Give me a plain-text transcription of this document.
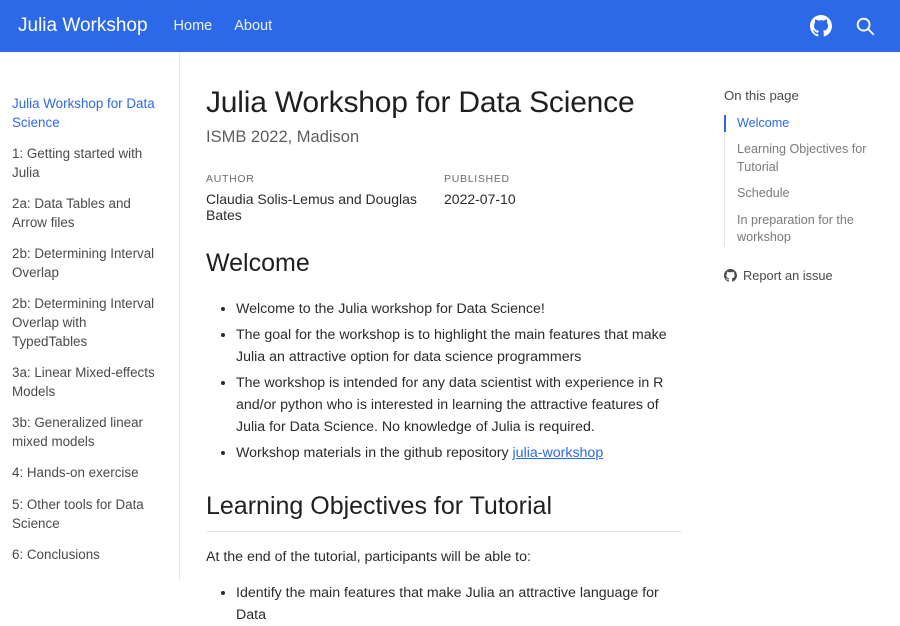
Julia Workshop Home About
Julia Workshop for Data Science
1: Getting started with Julia
2a: Data Tables and Arrow files
2b: Determining Interval Overlap
2b: Determining Interval Overlap with TypedTables
3a: Linear Mixed-effects Models
3b: Generalized linear mixed models
4: Hands-on exercise
5: Other tools for Data Science
6: Conclusions
Julia Workshop for Data Science
ISMB 2022, Madison
AUTHOR
Claudia Solis-Lemus and Douglas Bates
PUBLISHED
2022-07-10
Welcome
• Welcome to the Julia workshop for Data Science!
• The goal for the workshop is to highlight the main features that make Julia an attractive option for data science programmers
• The workshop is intended for any data scientist with experience in R and/or python who is interested in learning the attractive features of Julia for Data Science. No knowledge of Julia is required.
• Workshop materials in the github repository julia-workshop
Learning Objectives for Tutorial

At the end of the tutorial, participants will be able to:

• Identify the main features that make Julia an attractive language for Data
On this page
Welcome
Learning Objectives for Tutorial
Schedule
In preparation for the workshop
Report an issue
